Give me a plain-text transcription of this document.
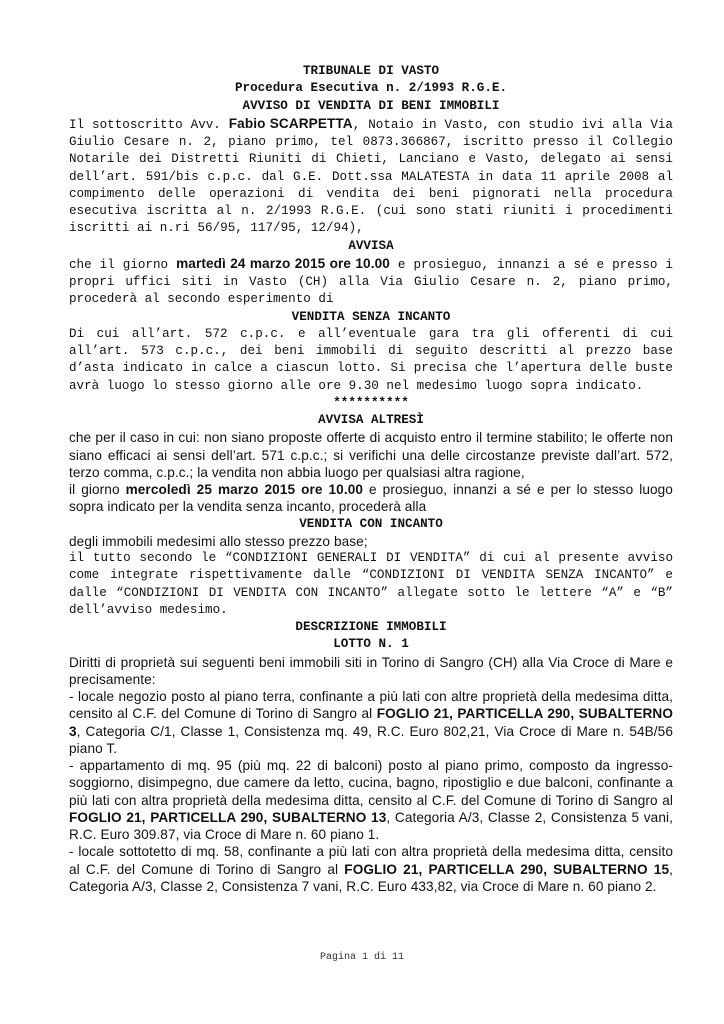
TRIBUNALE DI VASTO

Procedura Esecutiva n. 2/1993 R.G.E.

AVVISO DI VENDITA DI BENI IMMOBILI

Il sottoscritto Avv. Fabio SCARPETTA, Notaio in Vasto, con studio ivi alla Via Giulio Cesare n. 2, piano primo, tel 0873.366867, iscritto presso il Collegio Notarile dei Distretti Riuniti di Chieti, Lanciano e Vasto, delegato ai sensi dell’art. 591/bis c.p.c. dal G.E. Dott.ssa MALATESTA in data 11 aprile 2008 al compimento delle operazioni di vendita dei beni pignorati nella procedura esecutiva iscritta al n. 2/1993 R.G.E. (cui sono stati riuniti i procedimenti iscritti ai n.ri 56/95, 117/95, 12/94),

AVVISA

che il giorno martedì 24 marzo 2015 ore 10.00 e prosieguo, innanzi a sé e presso i propri uffici siti in Vasto (CH) alla Via Giulio Cesare n. 2, piano primo, procederà al secondo esperimento di

VENDITA SENZA INCANTO

Di cui all’art. 572 c.p.c. e all’eventuale gara tra gli offerenti di cui all’art. 573 c.p.c., dei beni immobili di seguito descritti al prezzo base d’asta indicato in calce a ciascun lotto. Si precisa che l’apertura delle buste avrà luogo lo stesso giorno alle ore 9.30 nel medesimo luogo sopra indicato.

**********

AVVISA ALTRESÌ

che per il caso in cui: non siano proposte offerte di acquisto entro il termine stabilito; le offerte non siano efficaci ai sensi dell’art. 571 c.p.c.; si verifichi una delle circostanze previste dall’art. 572, terzo comma, c.p.c.; la vendita non abbia luogo per qualsiasi altra ragione,

il giorno mercoledì 25 marzo 2015 ore 10.00 e prosieguo, innanzi a sé e per lo stesso luogo sopra indicato per la vendita senza incanto, procederà alla

VENDITA CON INCANTO

degli immobili medesimi allo stesso prezzo base;

il tutto secondo le “CONDIZIONI GENERALI DI VENDITA” di cui al presente avviso come integrate rispettivamente dalle “CONDIZIONI DI VENDITA SENZA INCANTO” e dalle “CONDIZIONI DI VENDITA CON INCANTO” allegate sotto le lettere “A” e “B” dell’avviso medesimo.

DESCRIZIONE IMMOBILI

LOTTO N. 1

Diritti di proprietà sui seguenti beni immobili siti in Torino di Sangro (CH) alla Via Croce di Mare e precisamente:

- locale negozio posto al piano terra, confinante a più lati con altre proprietà della medesima ditta, censito al C.F. del Comune di Torino di Sangro al FOGLIO 21, PARTICELLA 290, SUBALTERNO 3, Categoria C/1, Classe 1, Consistenza mq. 49, R.C. Euro 802,21, Via Croce di Mare n. 54B/56 piano T.

- appartamento di mq. 95 (più mq. 22 di balconi) posto al piano primo, composto da ingresso-soggiorno, disimpegno, due camere da letto, cucina, bagno, ripostiglio e due balconi, confinante a più lati con altra proprietà della medesima ditta, censito al C.F. del Comune di Torino di Sangro al FOGLIO 21, PARTICELLA 290, SUBALTERNO 13, Categoria A/3, Classe 2, Consistenza 5 vani, R.C. Euro 309.87, via Croce di Mare n. 60 piano 1.

- locale sottotetto di mq. 58, confinante a più lati con altra proprietà della medesima ditta, censito al C.F. del Comune di Torino di Sangro al FOGLIO 21, PARTICELLA 290, SUBALTERNO 15, Categoria A/3, Classe 2, Consistenza 7 vani, R.C. Euro 433,82, via Croce di Mare n. 60 piano 2.

Pagina 1 di 11
